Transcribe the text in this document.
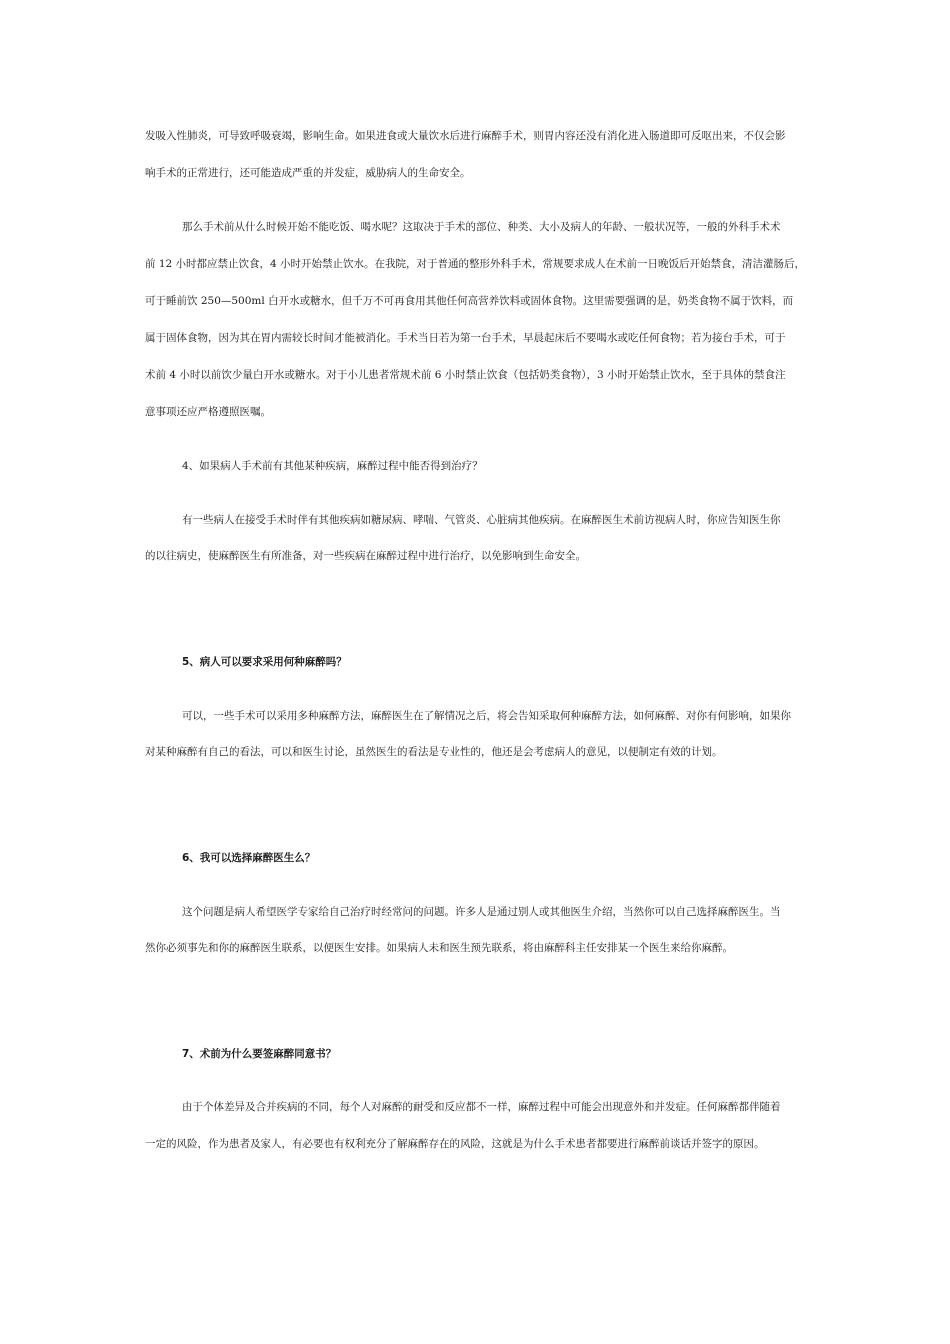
发吸入性肺炎，可导致呼吸衰竭，影响生命。如果进食或大量饮水后进行麻醉手术，则胃内容还没有消化进入肠道即可反呕出来，不仅会影
响手术的正常进行，还可能造成严重的并发症，威胁病人的生命安全。
那么手术前从什么时候开始不能吃饭、喝水呢？这取决于手术的部位、种类、大小及病人的年龄、一般状况等，一般的外科手术术
前 12 小时都应禁止饮食，4 小时开始禁止饮水。在我院，对于普通的整形外科手术，常规要求成人在术前一日晚饭后开始禁食，清洁灌肠后，
可于睡前饮 250—500ml 白开水或糖水，但千万不可再食用其他任何高营养饮料或固体食物。这里需要强调的是，奶类食物不属于饮料，而
属于固体食物，因为其在胃内需较长时间才能被消化。手术当日若为第一台手术，早晨起床后不要喝水或吃任何食物；若为接台手术，可于
术前 4 小时以前饮少量白开水或糖水。对于小儿患者常规术前 6 小时禁止饮食（包括奶类食物），3 小时开始禁止饮水，至于具体的禁食注
意事项还应严格遵照医嘱。
4、如果病人手术前有其他某种疾病，麻醉过程中能否得到治疗？
有一些病人在接受手术时伴有其他疾病如糖尿病、哮喘、气管炎、心脏病其他疾病。在麻醉医生术前访视病人时，你应告知医生你
的以往病史，使麻醉医生有所准备，对一些疾病在麻醉过程中进行治疗，以免影响到生命安全。
5、病人可以要求采用何种麻醉吗？
可以，一些手术可以采用多种麻醉方法，麻醉医生在了解情况之后，将会告知采取何种麻醉方法，如何麻醉、对你有何影响，如果你
对某种麻醉有自己的看法，可以和医生讨论，虽然医生的看法是专业性的，他还是会考虑病人的意见，以便制定有效的计划。
6、我可以选择麻醉医生么？
这个问题是病人希望医学专家给自己治疗时经常问的问题。许多人是通过别人或其他医生介绍，当然你可以自己选择麻醉医生。当
然你必须事先和你的麻醉医生联系，以便医生安排。如果病人未和医生预先联系，将由麻醉科主任安排某一个医生来给你麻醉。
7、术前为什么要签麻醉同意书？
由于个体差异及合并疾病的不同，每个人对麻醉的耐受和反应都不一样，麻醉过程中可能会出现意外和并发症。任何麻醉都伴随着
一定的风险，作为患者及家人，有必要也有权利充分了解麻醉存在的风险，这就是为什么手术患者都要进行麻醉前谈话并签字的原因。
